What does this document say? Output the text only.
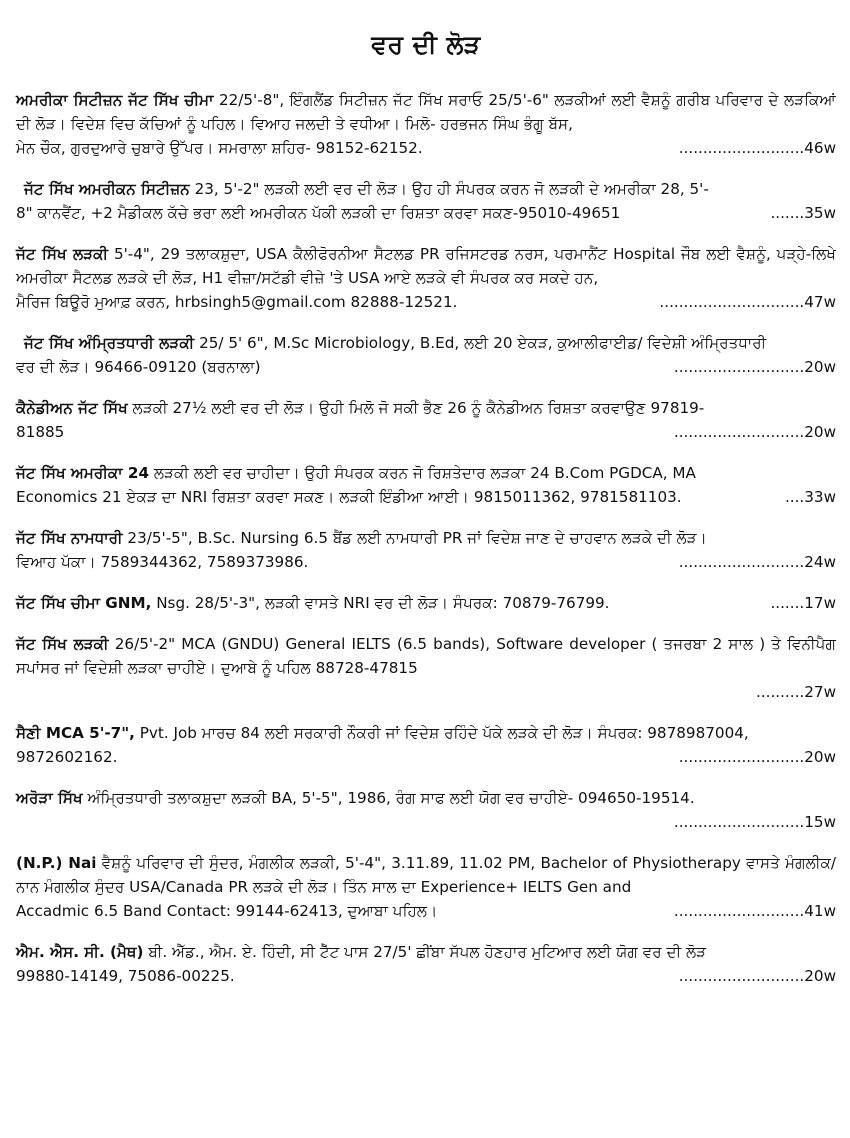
ਵਰ ਦੀ ਲੋੜ
ਅਮਰੀਕਾ ਸਿਟੀਜ਼ਨ ਜੱਟ ਸਿੱਖ ਚੀਮਾ 22/5'-8", ਇੰਗਲੈਂਡ ਸਿਟੀਜ਼ਨ ਜੱਟ ਸਿੱਖ ਸਰਾਓ 25/5'-6" ਲੜਕੀਆਂ ਲਈ ਵੈਸ਼ਨੂੰ ਗਰੀਬ ਪਰਿਵਾਰ ਦੇ ਲੜਕਿਆਂ ਦੀ ਲੋੜ। ਵਿਦੇਸ਼ ਵਿਚ ਕੱਚਿਆਂ ਨੂੰ ਪਹਿਲ। ਵਿਆਹ ਜਲਦੀ ਤੇ ਵਧੀਆ। ਮਿਲੋ- ਹਰਭਜਨ ਸਿੰਘ ਭੰਗੂ ਬੱਸ,
ਮੇਨ ਚੌਕ, ਗੁਰਦੁਆਰੇ ਚੁਬਾਰੇ ਉੱਪਰ। ਸਮਰਾਲਾ ਸ਼ਹਿਰ- 98152-62152.	..........................46w
ਜੱਟ ਸਿੱਖ ਅਮਰੀਕਨ ਸਿਟੀਜ਼ਨ 23, 5'-2" ਲੜਕੀ ਲਈ ਵਰ ਦੀ ਲੋੜ। ਉਹ ਹੀ ਸੰਪਰਕ ਕਰਨ ਜੋ ਲੜਕੀ ਦੇ ਅਮਰੀਕਾ 28, 5'-
8" ਕਾਨਵੈਂਟ, +2 ਮੈਡੀਕਲ ਕੱਚੇ ਭਰਾ ਲਈ ਅਮਰੀਕਨ ਪੱਕੀ ਲੜਕੀ ਦਾ ਰਿਸ਼ਤਾ ਕਰਵਾ ਸਕਣ-95010-49651	.......35w
ਜੱਟ ਸਿੱਖ ਲੜਕੀ 5'-4", 29 ਤਲਾਕਸ਼ੁਦਾ, USA ਕੈਲੀਫੋਰਨੀਆ ਸੈਟਲਡ PR ਰਜਿਸਟਰਡ ਨਰਸ, ਪਰਮਾਨੈਂਟ Hospital ਜੌਬ ਲਈ ਵੈਸ਼ਨੂੰ, ਪੜ੍ਹੇ-ਲਿਖੇ ਅਮਰੀਕਾ ਸੈਟਲਡ ਲੜਕੇ ਦੀ ਲੋੜ, H1 ਵੀਜ਼ਾ/ਸਟੱਡੀ ਵੀਜ਼ੇ 'ਤੇ USA ਆਏ ਲੜਕੇ ਵੀ ਸੰਪਰਕ ਕਰ ਸਕਦੇ ਹਨ,
ਮੈਰਿਜ ਬਿਊਰੋ ਮੁਆਫ਼ ਕਰਨ, hrbsingh5@gmail.com 82888-12521.	..............................47w
ਜੱਟ ਸਿੱਖ ਅੰਮ੍ਰਿਤਧਾਰੀ ਲੜਕੀ 25/ 5' 6", M.Sc Microbiology, B.Ed, ਲਈ 20 ਏਕੜ, ਕੁਆਲੀਫਾਈਡ/ ਵਿਦੇਸ਼ੀ ਅੰਮ੍ਰਿਤਧਾਰੀ
ਵਰ ਦੀ ਲੋੜ। 96466-09120 (ਬਰਨਾਲਾ)	...........................20w
ਕੈਨੇਡੀਅਨ ਜੱਟ ਸਿੱਖ ਲੜਕੀ 27½ ਲਈ ਵਰ ਦੀ ਲੋੜ। ਉਹੀ ਮਿਲੋ ਜੋ ਸਕੀ ਭੈਣ 26 ਨੂੰ ਕੈਨੇਡੀਅਨ ਰਿਸ਼ਤਾ ਕਰਵਾਉਣ 97819-
81885	...........................20w
ਜੱਟ ਸਿੱਖ ਅਮਰੀਕਾ 24 ਲੜਕੀ ਲਈ ਵਰ ਚਾਹੀਦਾ। ਉਹੀ ਸੰਪਰਕ ਕਰਨ ਜੋ ਰਿਸ਼ਤੇਦਾਰ ਲੜਕਾ 24 B.Com PGDCA, MA
Economics 21 ਏਕੜ ਦਾ NRI ਰਿਸ਼ਤਾ ਕਰਵਾ ਸਕਣ। ਲੜਕੀ ਇੰਡੀਆ ਆਈ। 9815011362, 9781581103.	....33w
ਜੱਟ ਸਿੱਖ ਨਾਮਧਾਰੀ 23/5'-5", B.Sc. Nursing 6.5 ਬੈਂਡ ਲਈ ਨਾਮਧਾਰੀ PR ਜਾਂ ਵਿਦੇਸ਼ ਜਾਣ ਦੇ ਚਾਹਵਾਨ ਲੜਕੇ ਦੀ ਲੋੜ।
ਵਿਆਹ ਪੱਕਾ। 7589344362, 7589373986.	..........................24w
ਜੱਟ ਸਿੱਖ ਚੀਮਾ GNM, Nsg. 28/5'-3", ਲੜਕੀ ਵਾਸਤੇ NRI ਵਰ ਦੀ ਲੋੜ। ਸੰਪਰਕ: 70879-76799.	.......17w
ਜੱਟ ਸਿੱਖ ਲੜਕੀ 26/5'-2" MCA (GNDU) General IELTS (6.5 bands), Software developer ( ਤਜਰਬਾ 2 ਸਾਲ ) ਤੇ ਵਿਨੀਪੈਗ ਸਪਾਂਸਰ ਜਾਂ ਵਿਦੇਸ਼ੀ ਲੜਕਾ ਚਾਹੀਏ। ਦੁਆਬੇ ਨੂੰ ਪਹਿਲ 88728-47815
..........27w
ਸੈਣੀ MCA 5'-7", Pvt. Job ਮਾਰਚ 84 ਲਈ ਸਰਕਾਰੀ ਨੌਕਰੀ ਜਾਂ ਵਿਦੇਸ਼ ਰਹਿੰਦੇ ਪੱਕੇ ਲੜਕੇ ਦੀ ਲੋੜ। ਸੰਪਰਕ: 9878987004,
9872602162.	..........................20w
ਅਰੋੜਾ ਸਿੱਖ ਅੰਮ੍ਰਿਤਧਾਰੀ ਤਲਾਕਸ਼ੁਦਾ ਲੜਕੀ BA, 5'-5", 1986, ਰੰਗ ਸਾਫ ਲਈ ਯੋਗ ਵਰ ਚਾਹੀਏ- 094650-19514.
...........................15w
(N.P.) Nai ਵੈਸ਼ਨੂੰ ਪਰਿਵਾਰ ਦੀ ਸੁੰਦਰ, ਮੰਗਲੀਕ ਲੜਕੀ, 5'-4", 3.11.89, 11.02 PM, Bachelor of Physiotherapy ਵਾਸਤੇ ਮੰਗਲੀਕ/ਨਾਨ ਮੰਗਲੀਕ ਸੁੰਦਰ USA/Canada PR ਲੜਕੇ ਦੀ ਲੋੜ। ਤਿੰਨ ਸਾਲ ਦਾ Experience+ IELTS Gen and
Accadmic 6.5 Band Contact: 99144-62413, ਦੁਆਬਾ ਪਹਿਲ।	...........................41w
ਐਮ. ਐਸ. ਸੀ. (ਮੈਥ) ਬੀ. ਐੱਡ., ਐਮ. ਏ. ਹਿੰਦੀ, ਸੀ ਟੈੱਟ ਪਾਸ 27/5' ਛੀਂਬਾ ਸੱਪਲ ਹੋਣਹਾਰ ਮੁਟਿਆਰ ਲਈ ਯੋਗ ਵਰ ਦੀ ਲੋੜ
99880-14149, 75086-00225.	..........................20w
